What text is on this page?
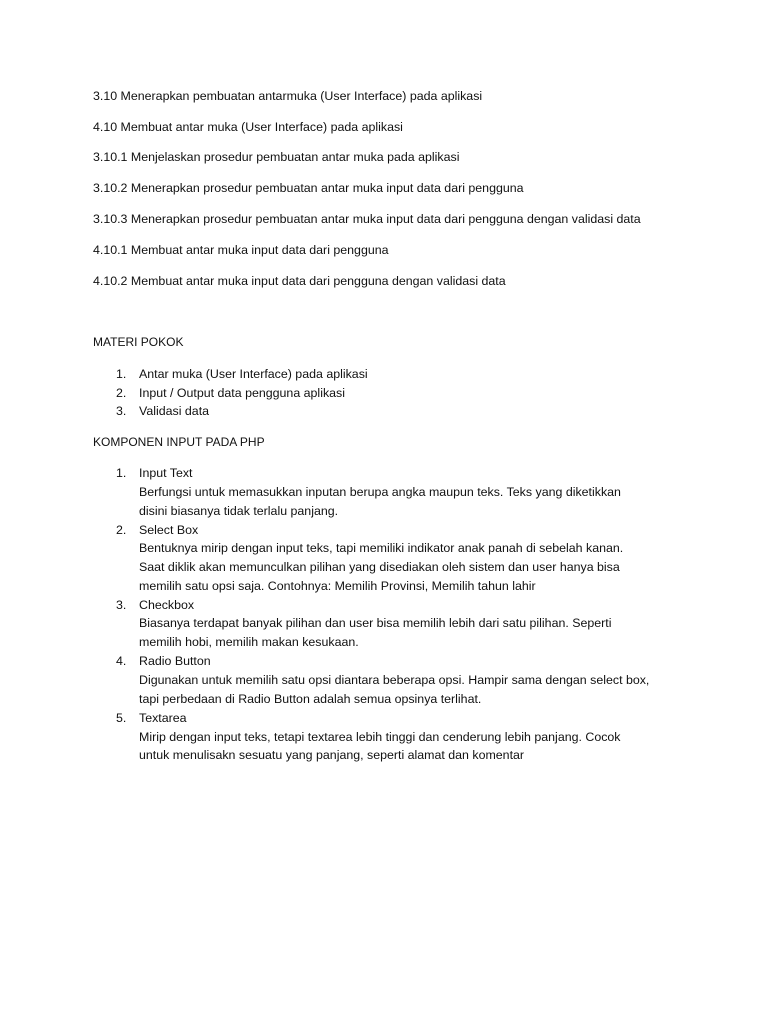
3.10 Menerapkan pembuatan antarmuka (User Interface) pada aplikasi
4.10 Membuat antar muka (User Interface) pada aplikasi
3.10.1 Menjelaskan prosedur pembuatan antar muka pada aplikasi
3.10.2 Menerapkan prosedur pembuatan antar muka input data dari pengguna
3.10.3 Menerapkan prosedur pembuatan antar muka input data dari pengguna dengan validasi data
4.10.1 Membuat antar muka input data dari pengguna
4.10.2 Membuat antar muka input data dari pengguna dengan validasi data
MATERI POKOK
1. Antar muka (User Interface) pada aplikasi
2. Input / Output data pengguna aplikasi
3. Validasi data
KOMPONEN INPUT PADA PHP
1. Input Text
Berfungsi untuk memasukkan inputan berupa angka maupun teks. Teks yang diketikkan
disini biasanya tidak terlalu panjang.
2. Select Box
Bentuknya mirip dengan input teks, tapi memiliki indikator anak panah di sebelah kanan.
Saat diklik akan memunculkan pilihan yang disediakan oleh sistem dan user hanya bisa
memilih satu opsi saja. Contohnya: Memilih Provinsi, Memilih tahun lahir
3. Checkbox
Biasanya terdapat banyak pilihan dan user bisa memilih lebih dari satu pilihan. Seperti
memilih hobi, memilih makan kesukaan.
4. Radio Button
Digunakan untuk memilih satu opsi diantara beberapa opsi. Hampir sama dengan select box,
tapi perbedaan di Radio Button adalah semua opsinya terlihat.
5. Textarea
Mirip dengan input teks, tetapi textarea lebih tinggi dan cenderung lebih panjang. Cocok
untuk menulisakn sesuatu yang panjang, seperti alamat dan komentar
